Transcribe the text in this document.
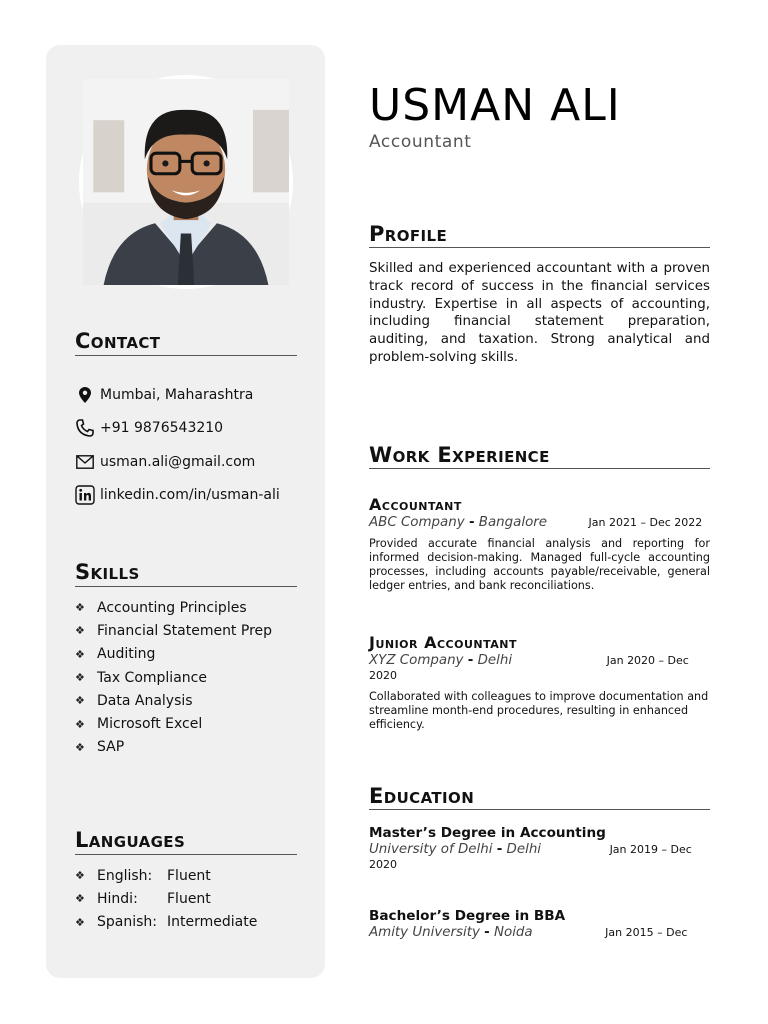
Contact
Mumbai, Maharashtra
+91 9876543210
usman.ali@gmail.com
linkedin.com/in/usman-ali
Skills
❖ Accounting Principles
❖ Financial Statement Prep
❖ Auditing
❖ Tax Compliance
❖ Data Analysis
❖ Microsoft Excel
❖ SAP
Languages
❖ English:	Fluent
❖ Hindi:	Fluent
❖ Spanish: Intermediate
USMAN ALI
Accountant
Profile

Skilled and experienced accountant with a proven track record of success in the financial services industry. Expertise in all aspects of accounting, including financial statement preparation, auditing, and taxation. Strong analytical and problem-solving skills.

Work Experience
Accountant
ABC Company - Bangalore	Jan 2021 – Dec 2022

Provided accurate financial analysis and reporting for informed decision-making. Managed full-cycle accounting processes, including accounts payable/receivable, general ledger entries, and bank reconciliations.

Junior Accountant
XYZ Company - Delhi	Jan 2020 – Dec 2020

Collaborated with colleagues to improve documentation and streamline month-end procedures, resulting in enhanced efficiency.

Education
Master’s Degree in Accounting
University of Delhi - Delhi	Jan 2019 – Dec 2020
Bachelor’s Degree in BBA
Amity University - Noida	Jan 2015 – Dec
